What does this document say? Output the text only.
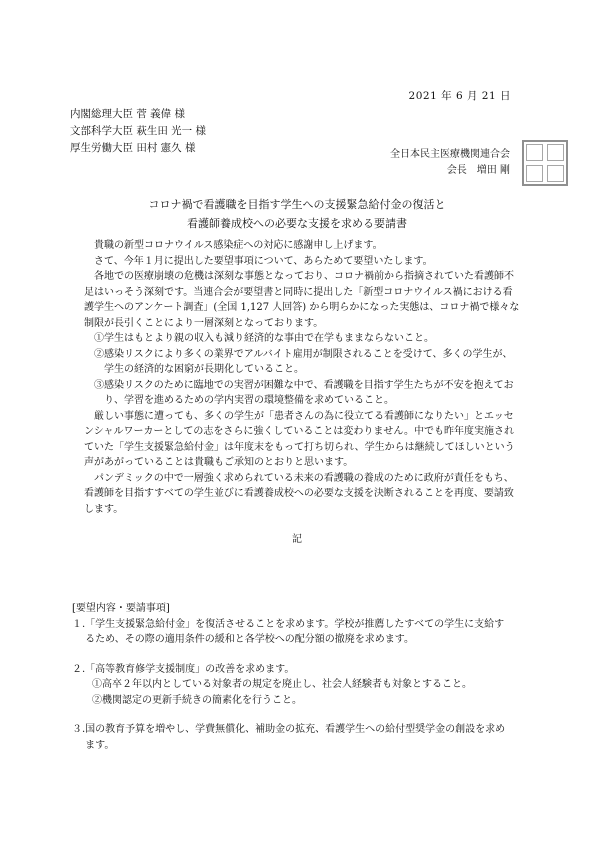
2021 年 6 月 21 日
内閣総理大臣 菅 義偉 様
文部科学大臣 萩生田 光一 様
厚生労働大臣 田村 憲久 様
全日本民主医療機関連合会
会長　増田 剛
コロナ禍で看護職を目指す学生への支援緊急給付金の復活と
看護師養成校への必要な支援を求める要請書

　貴職の新型コロナウイルス感染症への対応に感謝申し上げます。

　さて、今年１月に提出した要望事項について、あらためて要望いたします。

　各地での医療崩壊の危機は深刻な事態となっており、コロナ禍前から指摘されていた看護師不

足はいっそう深刻です。当連合会が要望書と同時に提出した「新型コロナウイルス禍における看

護学生へのアンケート調査」(全国 1,127 人回答) から明らかになった実態は、コロナ禍で様々な

制限が長引くことにより一層深刻となっております。

　①学生はもとより親の収入も減り経済的な事由で在学もままならないこと。

　②感染リスクにより多くの業界でアルバイト雇用が制限されることを受けて、多くの学生が、

　　学生の経済的な困窮が長期化していること。

　③感染リスクのために臨地での実習が困難な中で、看護職を目指す学生たちが不安を抱えてお

　　り、学習を進めるための学内実習の環境整備を求めていること。

　厳しい事態に遭っても、多くの学生が「患者さんの為に役立てる看護師になりたい」とエッセ

ンシャルワーカーとしての志をさらに強くしていることは変わりません。中でも昨年度実施され

ていた「学生支援緊急給付金」は年度末をもって打ち切られ、学生からは継続してほしいという

声があがっていることは貴職もご承知のとおりと思います。

　パンデミックの中で一層強く求められている未来の看護職の養成のために政府が責任をもち、

看護師を目指すすべての学生並びに看護養成校への必要な支援を決断されることを再度、要請致

します。

記

[要望内容・要請事項]

１.「学生支援緊急給付金」を復活させることを求めます。学校が推薦したすべての学生に支給す

　 るため、その際の適用条件の緩和と各学校への配分額の撤廃を求めます。

２.「高等教育修学支援制度」の改善を求めます。

　　①高卒２年以内としている対象者の規定を廃止し、社会人経験者も対象とすること。

　　②機関認定の更新手続きの簡素化を行うこと。

３.国の教育予算を増やし、学費無償化、補助金の拡充、看護学生への給付型奨学金の創設を求め

　 ます。
